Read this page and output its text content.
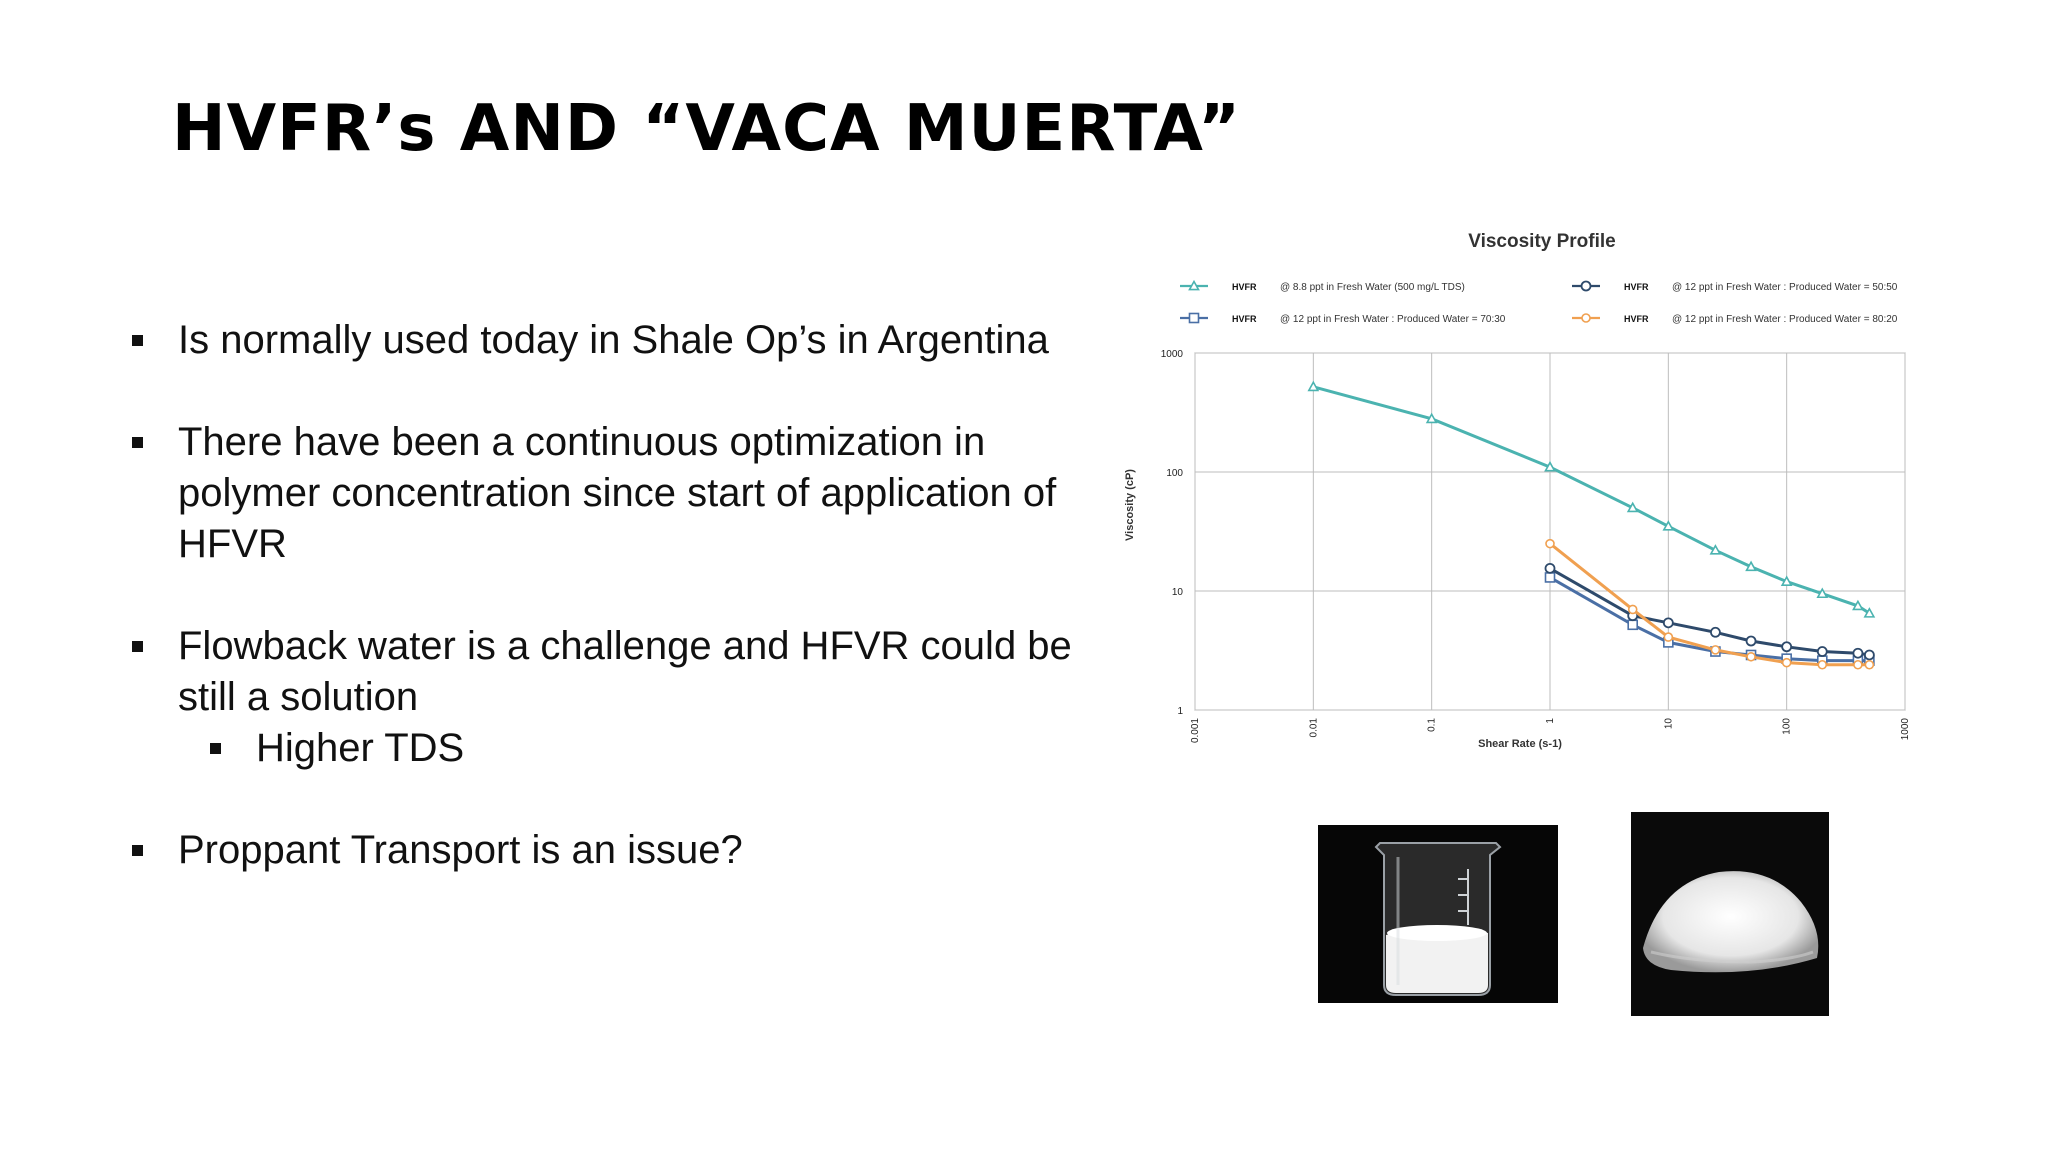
HVFR’s AND “VACA MUERTA”
Is normally used today in Shale Op’s in Argentina
There have been a continuous optimization in polymer concentration since start of application of HFVR
Flowback water is a challenge and HFVR could be still a solution
Higher TDS
Proppant Transport is an issue?
Viscosity Profile
HVFR @ 8.8 ppt in Fresh Water (500 mg/L TDS)	HVFR @ 12 ppt in Fresh Water : Produced Water = 50:50
HVFR @ 12 ppt in Fresh Water : Produced Water = 70:30	HVFR @ 12 ppt in Fresh Water : Produced Water = 80:20
0.001	0.01	0.1	1	10	100	1000
1
10
100
1000
Shear Rate (s-1)
Viscosity (cP)
